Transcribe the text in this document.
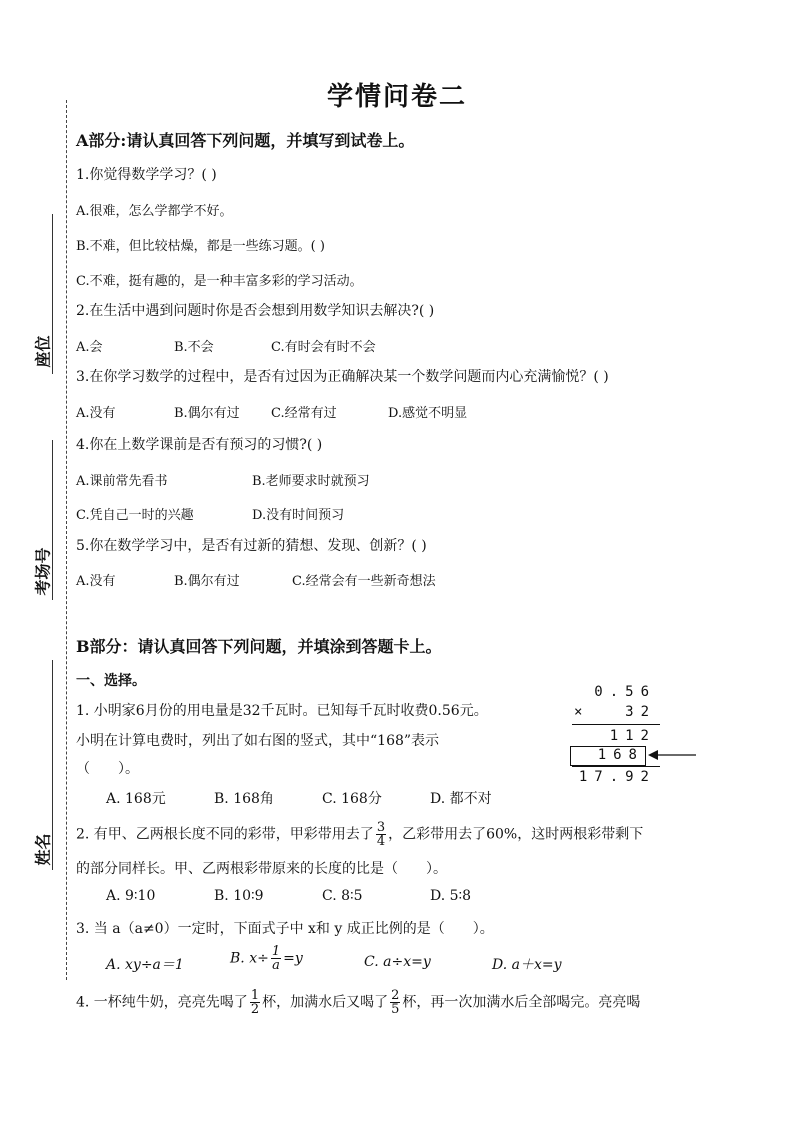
学情问卷二
座位
考场号
姓名
A部分:请认真回答下列问题，并填写到试卷上。
1.你觉得数学学习？( )
A.很难，怎么学都学不好。
B.不难，但比较枯燥，都是一些练习题。( )
C.不难，挺有趣的，是一种丰富多彩的学习活动。
2.在生活中遇到问题时你是否会想到用数学知识去解决?( )
A.会	B.不会	C.有时会有时不会
3.在你学习数学的过程中，是否有过因为正确解决某一个数学问题而内心充满愉悦？( )
A.没有	B.偶尔有过 C.经常有过	D.感觉不明显
4.你在上数学课前是否有预习的习惯?( )
A.课前常先看书	B.老师要求时就预习
C.凭自己一时的兴趣	D.没有时间预习
5.你在数学学习中，是否有过新的猜想、发现、创新？( )
A.没有	B.偶尔有过	C.经常会有一些新奇想法
B部分：请认真回答下列问题，并填涂到答题卡上。
一、选择。
1. 小明家6月份的用电量是32千瓦时。已知每千瓦时收费0.56元。
小明在计算电费时，列出了如右图的竖式，其中“168”表示
（　　）。
A. 168元	B. 168角	C. 168分	D. 都不对
0.56
×	32
112
168
17.92
2. 有甲、乙两根长度不同的彩带，甲彩带用去了 $\frac{3}{4}$ ，乙彩带用去了60%，这时两根彩带剩下
的部分同样长。甲、乙两根彩带原来的长度的比是（　　）。
A. 9∶10	B. 10∶9	C. 8∶5	D. 5∶8
3. 当 a（a≠0）一定时，下面式子中 x和 y 成正比例的是（　　）。
A. xy÷a＝1	B. $x\div \frac{1}{a} =y$	C. a÷x=y	D. a＋x=y
4. 一杯纯牛奶，亮亮先喝了 $\frac{1}{2}$ 杯，加满水后又喝了 $\frac{2}{5}$ 杯，再一次加满水后全部喝完。亮亮喝
